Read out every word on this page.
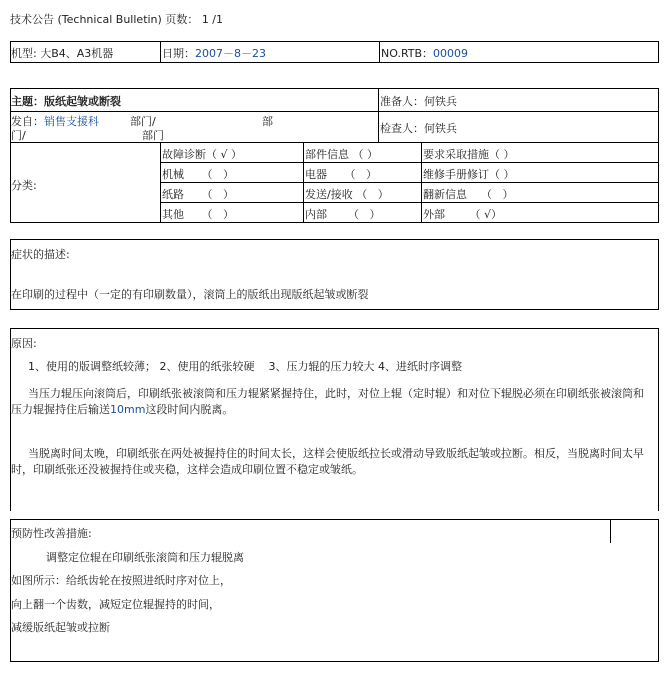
技术公告 (Technical Bulletin) 页数： 1 /1
机型: 大B4、A3机器	日期：2007－8－23	NO.RTB：00009
主题：版纸起皱或断裂	准备人：何铁兵
发自：销售支援科	部门/	部
门/	部门
检查人：何铁兵
分类:
故障诊断（ √ ）	部件信息 （ ）	要求采取措施（ ）
机械     （   ）	电器     （   ）	维修手册修订（ ）
纸路     （   ）	发送/接收 （   ）	翻新信息    （   ）
其他     （   ）	内部      （   ）	外部       （ √）
症状的描述:
在印刷的过程中（一定的有印刷数量），滚筒上的版纸出现版纸起皱或断裂
原因:
1、使用的版调整纸较薄； 2、使用的纸张较硬    3、压力辊的压力较大 4、进纸时序调整
当压力辊压向滚筒后，印刷纸张被滚筒和压力辊紧紧握持住，此时，对位上辊（定时辊）和对位下辊脱必须在印刷纸张被滚筒和压力辊握持住后输送10mm这段时间内脱离。
当脱离时间太晚，印刷纸张在两处被握持住的时间太长，这样会使版纸拉长或滑动导致版纸起皱或拉断。相反，当脱离时间太早时，印刷纸张还没被握持住或夹稳，这样会造成印刷位置不稳定或皱纸。
预防性改善措施:
调整定位辊在印刷纸张滚筒和压力辊脱离
如图所示：给纸齿轮在按照进纸时序对位上，
向上翻一个齿数，减短定位辊握持的时间，
减缓版纸起皱或拉断
